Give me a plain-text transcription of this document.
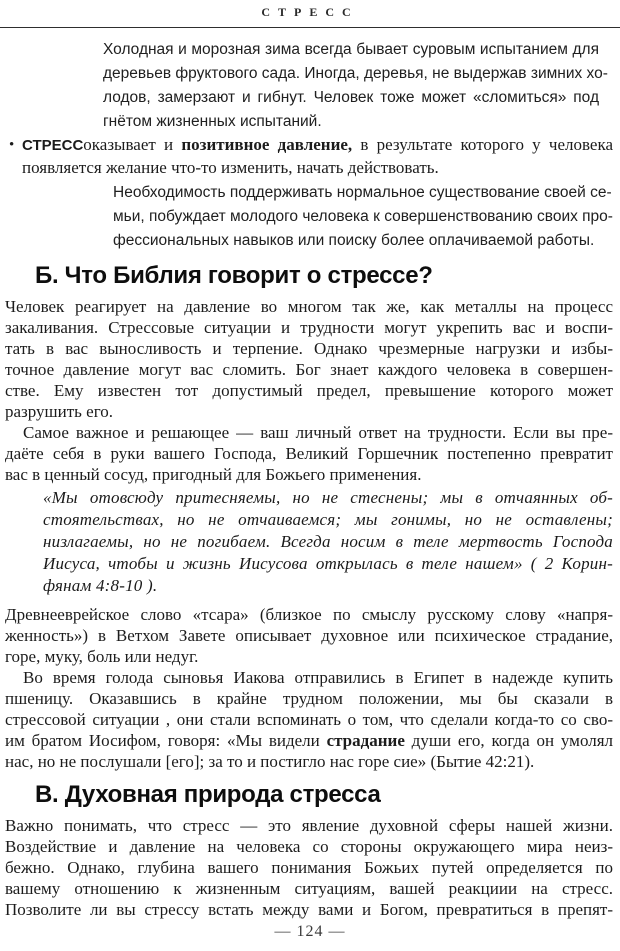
СТРЕСС
Холодная и морозная зима всегда бывает суровым испытанием для
деревьев фруктового сада. Иногда, деревья, не выдержав зимних хо-
лодов, замерзают и гибнут. Человек тоже может «сломиться» под
гнётом жизненных испытаний.
• СТРЕССоказывает и позитивное давление, в результате которого у человека
появляется желание что-то изменить, начать действовать.
Необходимость поддерживать нормальное существование своей се-
мьи, побуждает молодого человека к совершенствованию своих про-
фессиональных навыков или поиску более оплачиваемой работы.
Б. Что Библия говорит о стрессе?
Человек реагирует на давление во многом так же, как металлы на процесс
закаливания. Стрессовые ситуации и трудности могут укрепить вас и воспи-
тать в вас выносливость и терпение. Однако чрезмерные нагрузки и избы-
точное давление могут вас сломить. Бог знает каждого человека в совершен-
стве. Ему известен тот допустимый предел, превышение которого может
разрушить его.
Самое важное и решающее — ваш личный ответ на трудности. Если вы пре-
даёте себя в руки вашего Господа, Великий Горшечник постепенно превратит
вас в ценный сосуд, пригодный для Божьего применения.
«Мы отовсюду притесняемы, но не стеснены; мы в отчаянных об-
стоятельствах, но не отчаиваемся; мы гонимы, но не оставлены;
низлагаемы, но не погибаем. Всегда носим в теле мертвость Господа
Иисуса, чтобы и жизнь Иисусова открылась в теле нашем» ( 2 Корин-
фянам 4:8-10 ).
Древнееврейское слово «тсара» (близкое по смыслу русскому слову «напря-
женность») в Ветхом Завете описывает духовное или психическое страдание,
горе, муку, боль или недуг.
Во время голода сыновья Иакова отправились в Египет в надежде купить
пшеницу. Оказавшись в крайне трудном положении, мы бы сказали в
стрессовой ситуации , они стали вспоминать о том, что сделали когда-то со сво-
им братом Иосифом, говоря: «Мы видели страдание души его, когда он умолял
нас, но не послушали [его]; за то и постигло нас горе сие» (Бытие 42:21).
В. Духовная природа стресса
Важно понимать, что стресс — это явление духовной сферы нашей жизни.
Воздействие и давление на человека со стороны окружающего мира неиз-
бежно. Однако, глубина вашего понимания Божьих путей определяется по
вашему отношению к жизненным ситуациям, вашей реакциии на стресс.
Позволите ли вы стрессу встать между вами и Богом, превратиться в препят-
— 124 —
